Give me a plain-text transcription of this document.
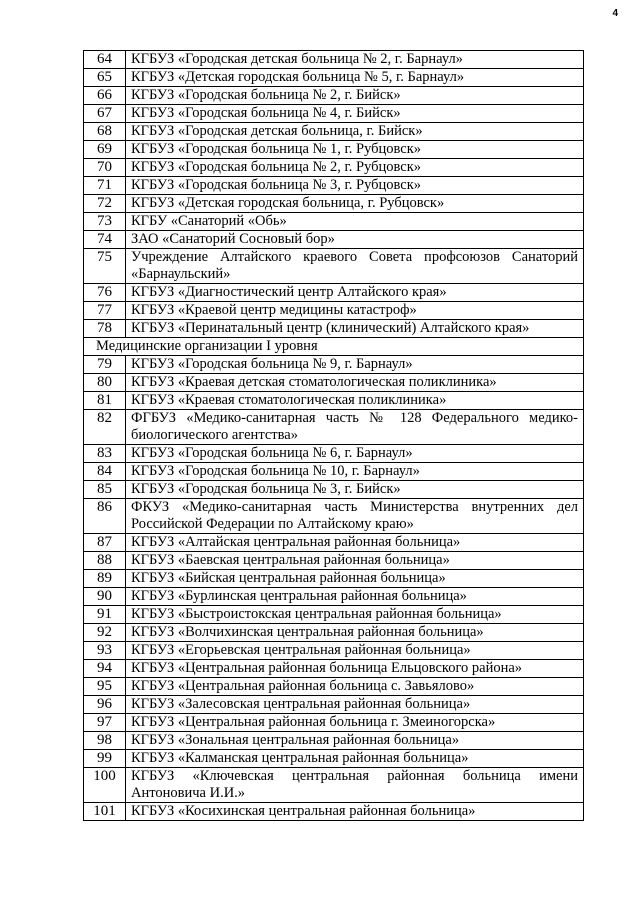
4
64	КГБУЗ «Городская детская больница № 2, г. Барнаул»
65	КГБУЗ «Детская городская больница № 5, г. Барнаул»
66	КГБУЗ «Городская больница № 2, г. Бийск»
67	КГБУЗ «Городская больница № 4, г. Бийск»
68	КГБУЗ «Городская детская больница, г. Бийск»
69	КГБУЗ «Городская больница № 1, г. Рубцовск»
70	КГБУЗ «Городская больница № 2, г. Рубцовск»
71	КГБУЗ «Городская больница № 3, г. Рубцовск»
72	КГБУЗ «Детская городская больница, г. Рубцовск»
73	КГБУ «Санаторий «Обь»
74	ЗАО «Санаторий Сосновый бор»
75	Учреждение Алтайского краевого Совета профсоюзов Санаторий «Барнаульский»
76	КГБУЗ «Диагностический центр Алтайского края»
77	КГБУЗ «Краевой центр медицины катастроф»
78	КГБУЗ «Перинатальный центр (клинический) Алтайского края»
Медицинские организации I уровня	
79	КГБУЗ «Городская больница № 9, г. Барнаул»
80	КГБУЗ «Краевая детская стоматологическая поликлиника»
81	КГБУЗ «Краевая стоматологическая поликлиника»
82	ФГБУЗ «Медико-санитарная часть № 128 Федерального медико-биологического агентства»
83	КГБУЗ «Городская больница № 6, г. Барнаул»
84	КГБУЗ «Городская больница № 10, г. Барнаул»
85	КГБУЗ «Городская больница № 3, г. Бийск»
86	ФКУЗ «Медико-санитарная часть Министерства внутренних дел Российской Федерации по Алтайскому краю»
87	КГБУЗ «Алтайская центральная районная больница»
88	КГБУЗ «Баевская центральная районная больница»
89	КГБУЗ «Бийская центральная районная больница»
90	КГБУЗ «Бурлинская центральная районная больница»
91	КГБУЗ «Быстроистокская центральная районная больница»
92	КГБУЗ «Волчихинская центральная районная больница»
93	КГБУЗ «Егорьевская центральная районная больница»
94	КГБУЗ «Центральная районная больница Ельцовского района»
95	КГБУЗ «Центральная районная больница с. Завьялово»
96	КГБУЗ «Залесовская центральная районная больница»
97	КГБУЗ «Центральная районная больница г. Змеиногорска»
98	КГБУЗ «Зональная центральная районная больница»
99	КГБУЗ «Калманская центральная районная больница»
100	КГБУЗ «Ключевская центральная районная больница имени Антоновича И.И.»
101	КГБУЗ «Косихинская центральная районная больница»
